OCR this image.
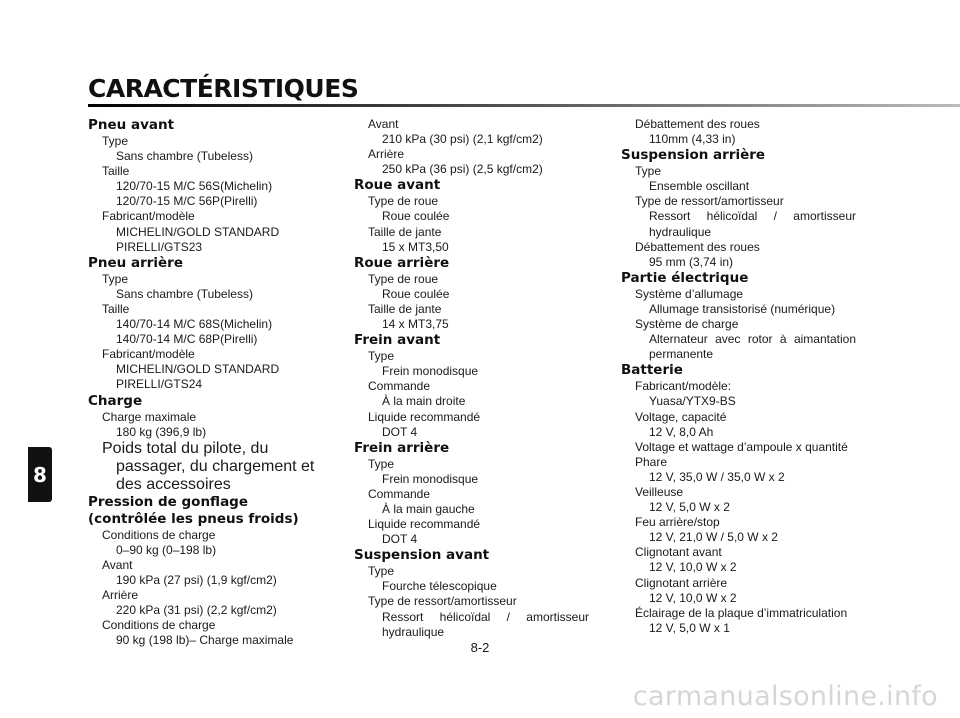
CARACTÉRISTIQUES
8
Pneu avant
Type
Sans chambre (Tubeless)
Taille
120/70-15 M/C 56S(Michelin)
120/70-15 M/C 56P(Pirelli)
Fabricant/modèle
MICHELIN/GOLD STANDARD
PIRELLI/GTS23
Pneu arrière
Type
Sans chambre (Tubeless)
Taille
140/70-14 M/C 68S(Michelin)
140/70-14 M/C 68P(Pirelli)
Fabricant/modèle
MICHELIN/GOLD STANDARD
PIRELLI/GTS24
Charge
Charge maximale
180 kg (396,9 lb)
Poids total du pilote, du passager, du chargement et des accessoires
Pression de gonflage (contrôlée les pneus froids)
Conditions de charge
0–90 kg (0–198 lb)
Avant
190 kPa (27 psi) (1,9 kgf/cm2)
Arrière
220 kPa (31 psi) (2,2 kgf/cm2)
Conditions de charge
90 kg (198 lb)– Charge maximale
Avant
210 kPa (30 psi) (2,1 kgf/cm2)
Arrière
250 kPa (36 psi) (2,5 kgf/cm2)
Roue avant
Type de roue
Roue coulée
Taille de jante
15 x MT3,50
Roue arrière
Type de roue
Roue coulée
Taille de jante
14 x MT3,75
Frein avant
Type
Frein monodisque
Commande
À la main droite
Liquide recommandé
DOT 4
Frein arrière
Type
Frein monodisque
Commande
À la main gauche
Liquide recommandé
DOT 4
Suspension avant
Type
Fourche télescopique
Type de ressort/amortisseur
Ressort hélicoïdal / amortisseur hydraulique
Débattement des roues
110mm (4,33 in)
Suspension arrière
Type
Ensemble oscillant
Type de ressort/amortisseur
Ressort hélicoïdal / amortisseur hydraulique
Débattement des roues
95 mm (3,74 in)
Partie électrique
Système d’allumage
Allumage transistorisé (numérique)
Système de charge
Alternateur avec rotor à aimantation permanente
Batterie
Fabricant/modèle:
Yuasa/YTX9-BS
Voltage, capacité
12 V, 8,0 Ah
Voltage et wattage d’ampoule x quantité
Phare
12 V, 35,0 W / 35,0 W x 2
Veilleuse
12 V, 5,0 W x 2
Feu arrière/stop
12 V, 21,0 W / 5,0 W x 2
Clignotant avant
12 V, 10,0 W x 2
Clignotant arrière
12 V, 10,0 W x 2
Éclairage de la plaque d’immatriculation
12 V, 5,0 W x 1
8-2
carmanualsonline.info
